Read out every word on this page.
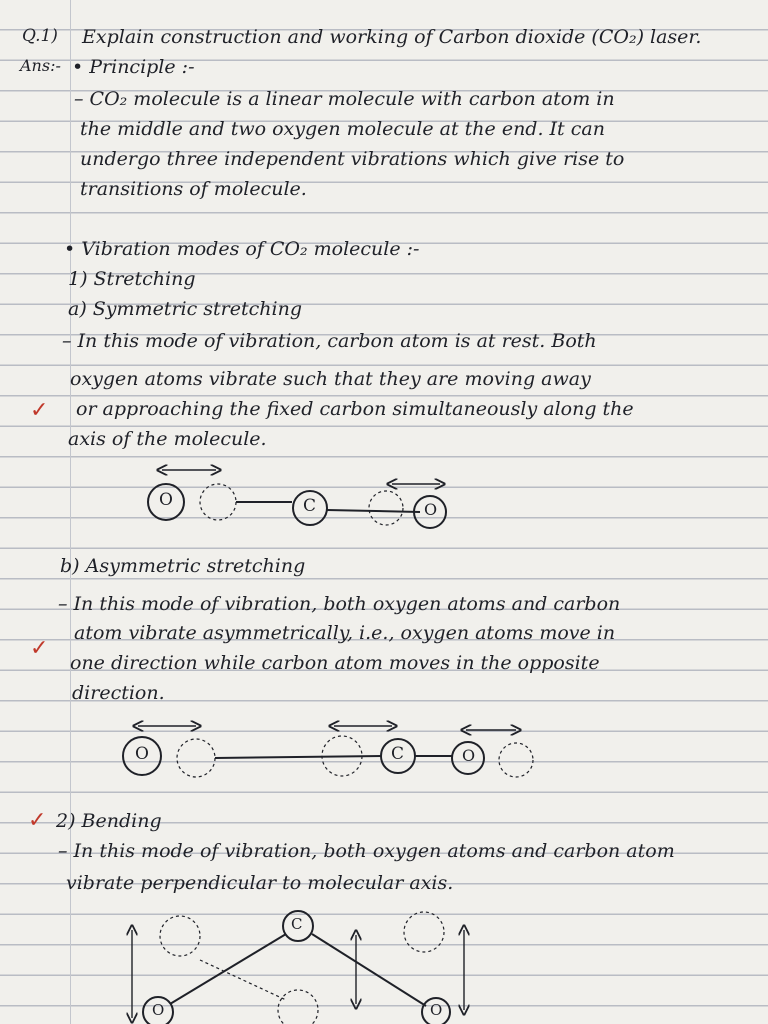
Q.1) Explain construction and working of Carbon dioxide (CO₂) laser.
Ans:- • Principle :-
– CO₂ molecule is a linear molecule with carbon atom in
the middle and two oxygen molecule at the end. It can
undergo three independent vibrations which give rise to
transitions of molecule.
• Vibration modes of CO₂ molecule :-
1) Stretching
a) Symmetric stretching
– In this mode of vibration, carbon atom is at rest. Both
oxygen atoms vibrate such that they are moving away
or approaching the fixed carbon simultaneously along the
axis of the molecule.
✓
O	C	O
b) Asymmetric stretching
– In this mode of vibration, both oxygen atoms and carbon
atom vibrate asymmetrically, i.e., oxygen atoms move in
one direction while carbon atom moves in the opposite
direction.
✓
O	C	O
2) Bending
✓
– In this mode of vibration, both oxygen atoms and carbon atom
vibrate perpendicular to molecular axis.
C
O	O
